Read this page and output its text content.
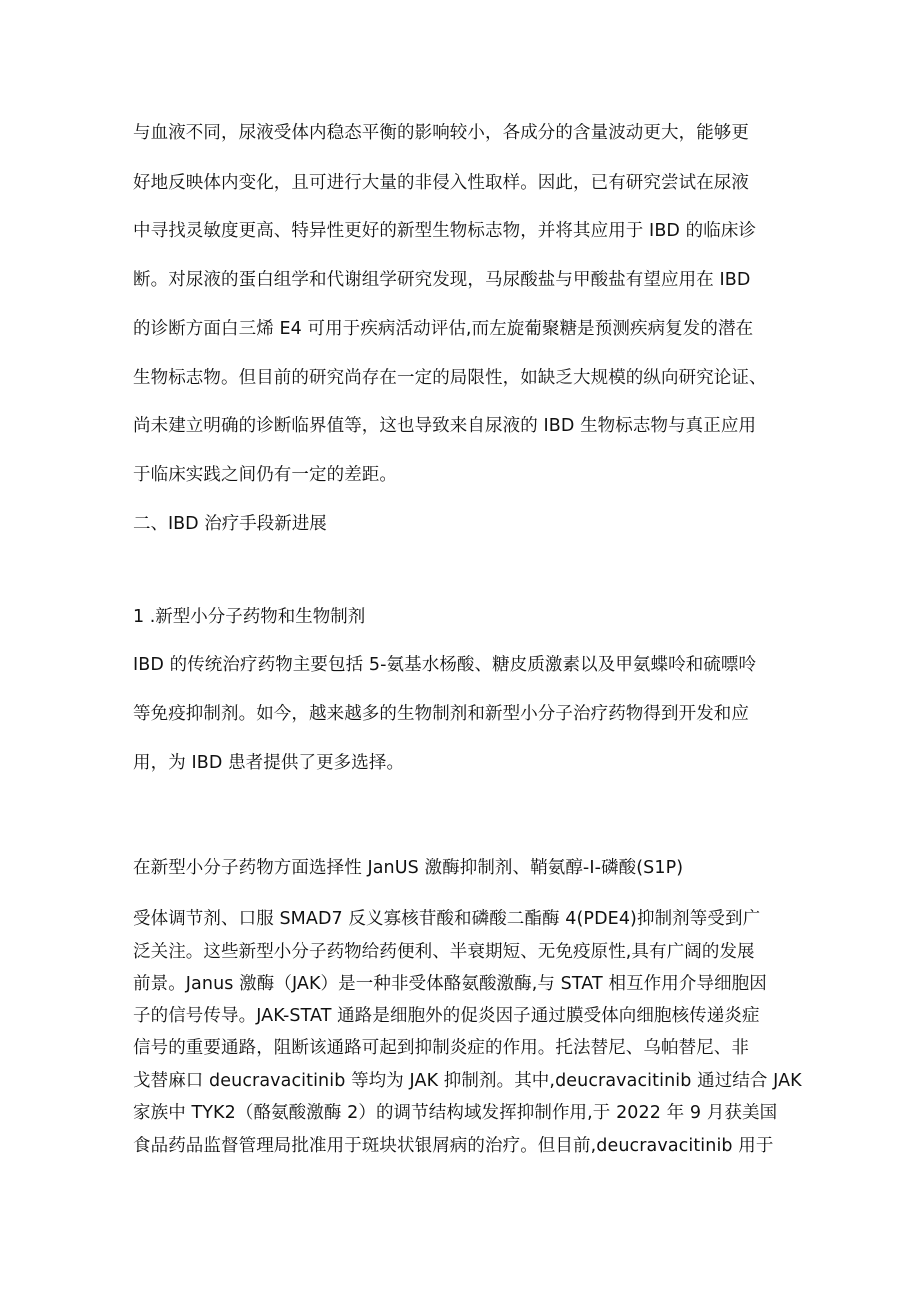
与血液不同，尿液受体内稳态平衡的影响较小，各成分的含量波动更大，能够更

好地反映体内变化，且可进行大量的非侵入性取样。因此，已有研究尝试在尿液

中寻找灵敏度更高、特异性更好的新型生物标志物，并将其应用于 IBD 的临床诊

断。对尿液的蛋白组学和代谢组学研究发现，马尿酸盐与甲酸盐有望应用在 IBD

的诊断方面白三烯 E4 可用于疾病活动评估,而左旋葡聚糖是预测疾病复发的潜在

生物标志物。但目前的研究尚存在一定的局限性，如缺乏大规模的纵向研究论证、

尚未建立明确的诊断临界值等，这也导致来自尿液的 IBD 生物标志物与真正应用

于临床实践之间仍有一定的差距。

二、IBD 治疗手段新进展

1 .新型小分子药物和生物制剂

IBD 的传统治疗药物主要包括 5-氨基水杨酸、糖皮质激素以及甲氨蝶呤和硫嘌呤

等免疫抑制剂。如今，越来越多的生物制剂和新型小分子治疗药物得到开发和应

用，为 IBD 患者提供了更多选择。

在新型小分子药物方面选择性 JanUS 激酶抑制剂、鞘氨醇-I-磷酸(S1P)

受体调节剂、口服 SMAD7 反义寡核苷酸和磷酸二酯酶 4(PDE4)抑制剂等受到广

泛关注。这些新型小分子药物给药便利、半衰期短、无免疫原性,具有广阔的发展

前景。Janus 激酶（JAK）是一种非受体酪氨酸激酶,与 STAT 相互作用介导细胞因

子的信号传导。JAK-STAT 通路是细胞外的促炎因子通过膜受体向细胞核传递炎症

信号的重要通路，阻断该通路可起到抑制炎症的作用。托法替尼、乌帕替尼、非

戈替麻口 deucravacitinib 等均为 JAK 抑制剂。其中,deucravacitinib 通过结合 JAK

家族中 TYK2（酪氨酸激酶 2）的调节结构域发挥抑制作用,于 2022 年 9 月获美国

食品药品监督管理局批准用于斑块状银屑病的治疗。但目前,deucravacitinib 用于
